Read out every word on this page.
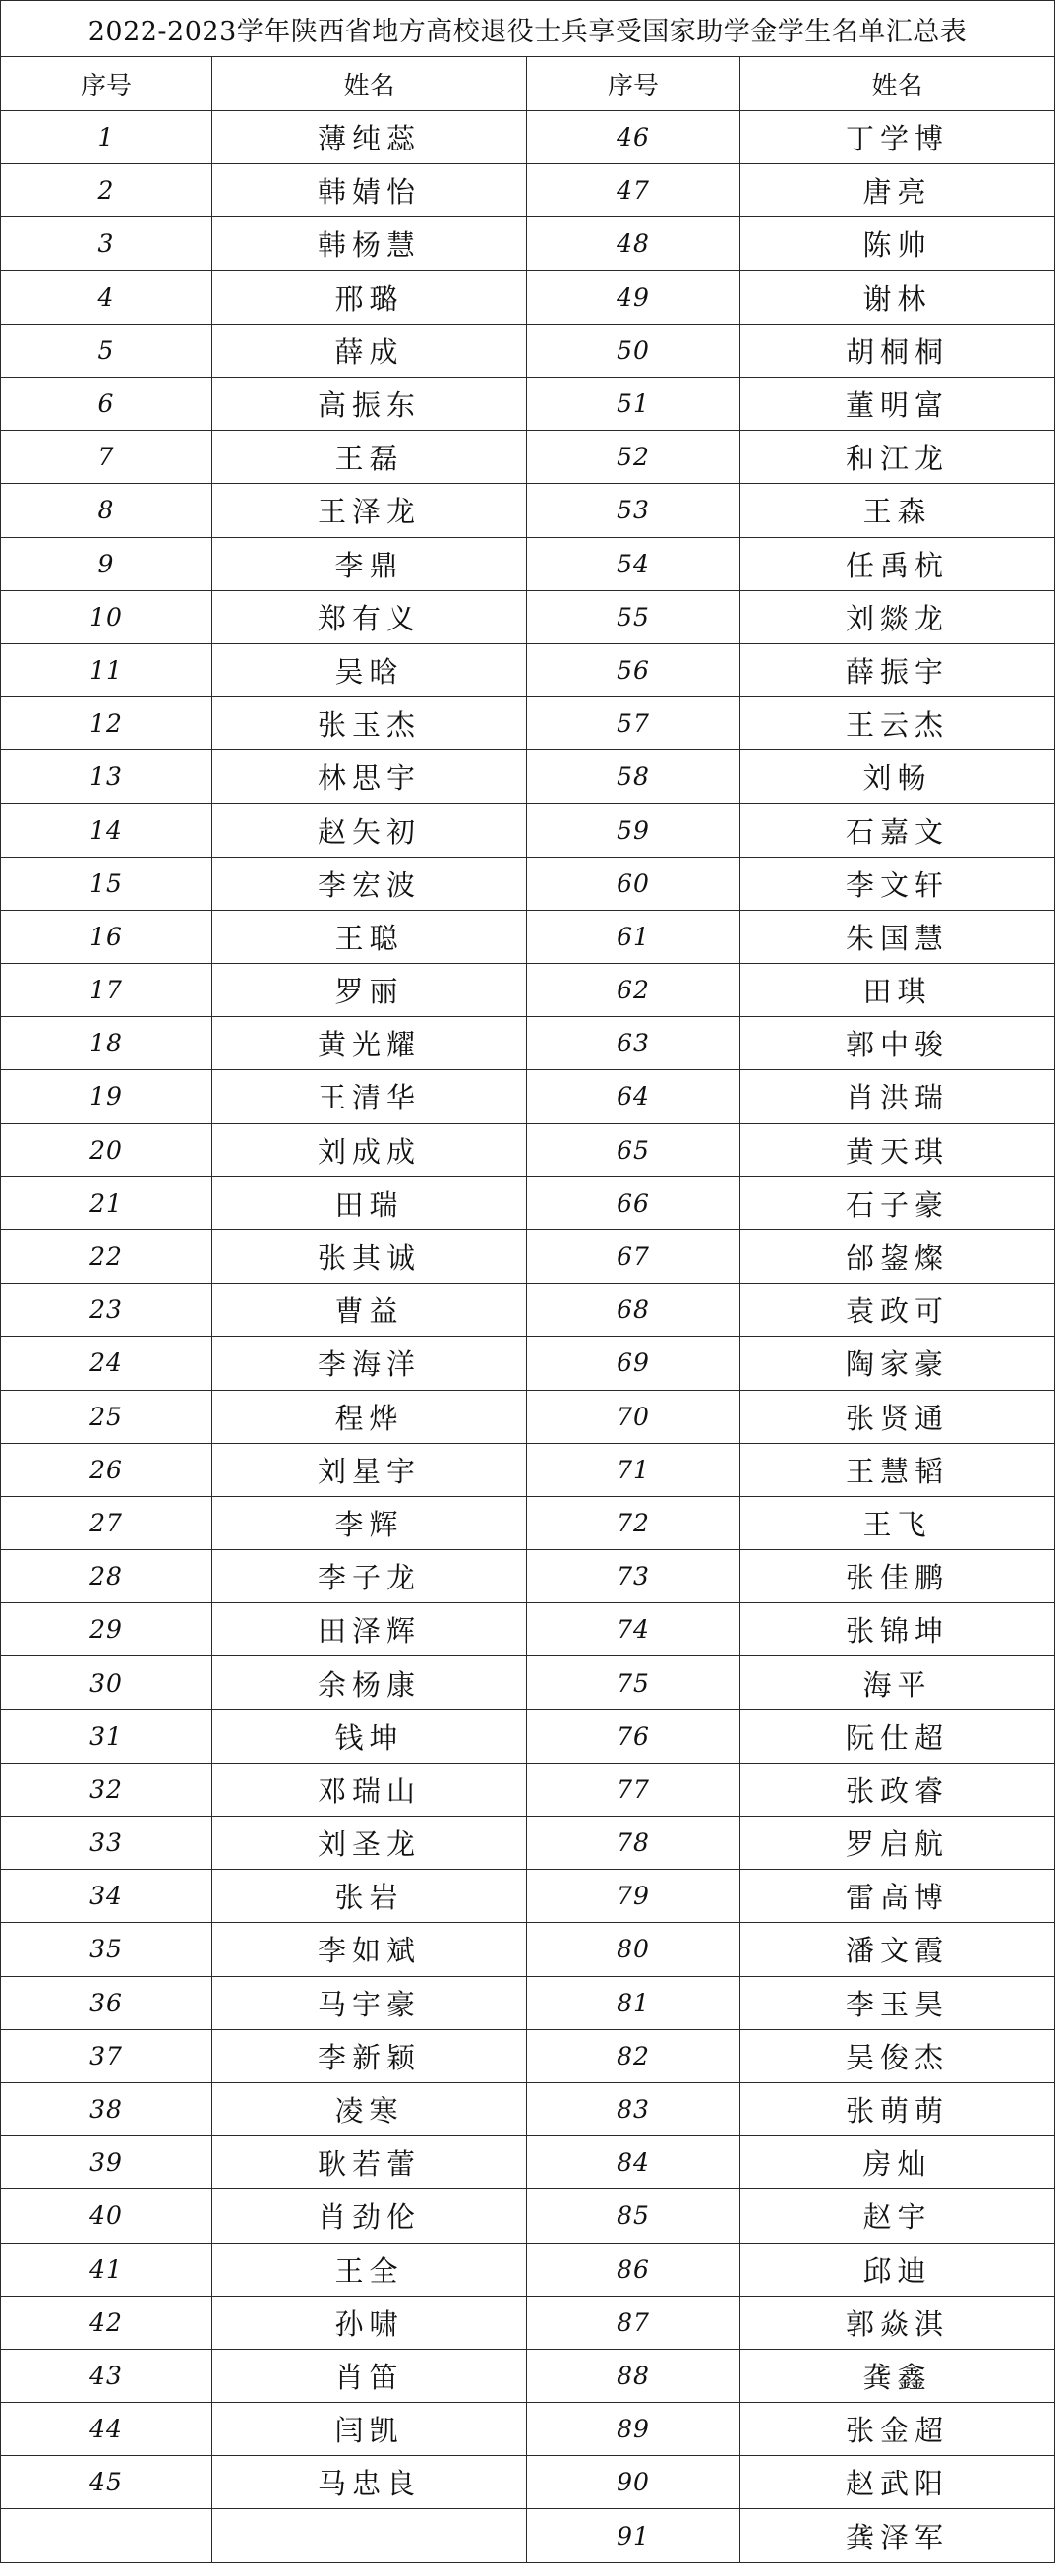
2022-2023学年陕西省地方高校退役士兵享受国家助学金学生名单汇总表			
序号	姓名	序号	姓名
1	薄纯蕊	46	丁学博
2	韩婧怡	47	唐亮
3	韩杨慧	48	陈帅
4	邢璐	49	谢林
5	薛成	50	胡桐桐
6	高振东	51	董明富
7	王磊	52	和江龙
8	王泽龙	53	王森
9	李鼎	54	任禹杭
10	郑有义	55	刘燚龙
11	吴晗	56	薛振宇
12	张玉杰	57	王云杰
13	林思宇	58	刘畅
14	赵矢初	59	石嘉文
15	李宏波	60	李文轩
16	王聪	61	朱国慧
17	罗丽	62	田琪
18	黄光耀	63	郭中骏
19	王清华	64	肖洪瑞
20	刘成成	65	黄天琪
21	田瑞	66	石子豪
22	张其诚	67	邰鋆燦
23	曹益	68	袁政可
24	李海洋	69	陶家豪
25	程烨	70	张贤通
26	刘星宇	71	王慧韬
27	李辉	72	王飞
28	李子龙	73	张佳鹏
29	田泽辉	74	张锦坤
30	余杨康	75	海平
31	钱坤	76	阮仕超
32	邓瑞山	77	张政睿
33	刘圣龙	78	罗启航
34	张岩	79	雷高博
35	李如斌	80	潘文霞
36	马宇豪	81	李玉昊
37	李新颖	82	吴俊杰
38	凌寒	83	张萌萌
39	耿若蕾	84	房灿
40	肖劲伦	85	赵宇
41	王全	86	邱迪
42	孙啸	87	郭焱淇
43	肖笛	88	龚鑫
44	闫凯	89	张金超
45	马忠良	90	赵武阳
		91	龚泽军
